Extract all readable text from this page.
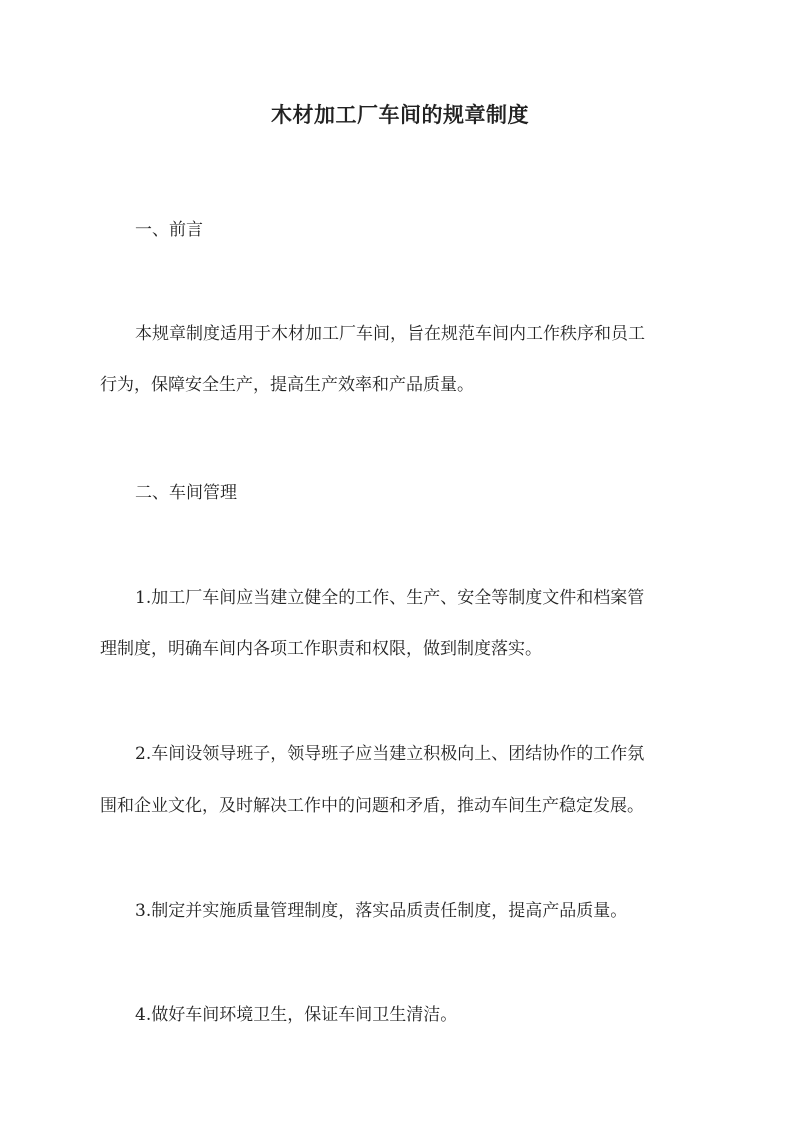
木材加工厂车间的规章制度
一、前言
本规章制度适用于木材加工厂车间，旨在规范车间内工作秩序和员工
行为，保障安全生产，提高生产效率和产品质量。
二、车间管理
1.加工厂车间应当建立健全的工作、生产、安全等制度文件和档案管
理制度，明确车间内各项工作职责和权限，做到制度落实。
2.车间设领导班子，领导班子应当建立积极向上、团结协作的工作氛
围和企业文化，及时解决工作中的问题和矛盾，推动车间生产稳定发展。
3.制定并实施质量管理制度，落实品质责任制度，提高产品质量。
4.做好车间环境卫生，保证车间卫生清洁。
